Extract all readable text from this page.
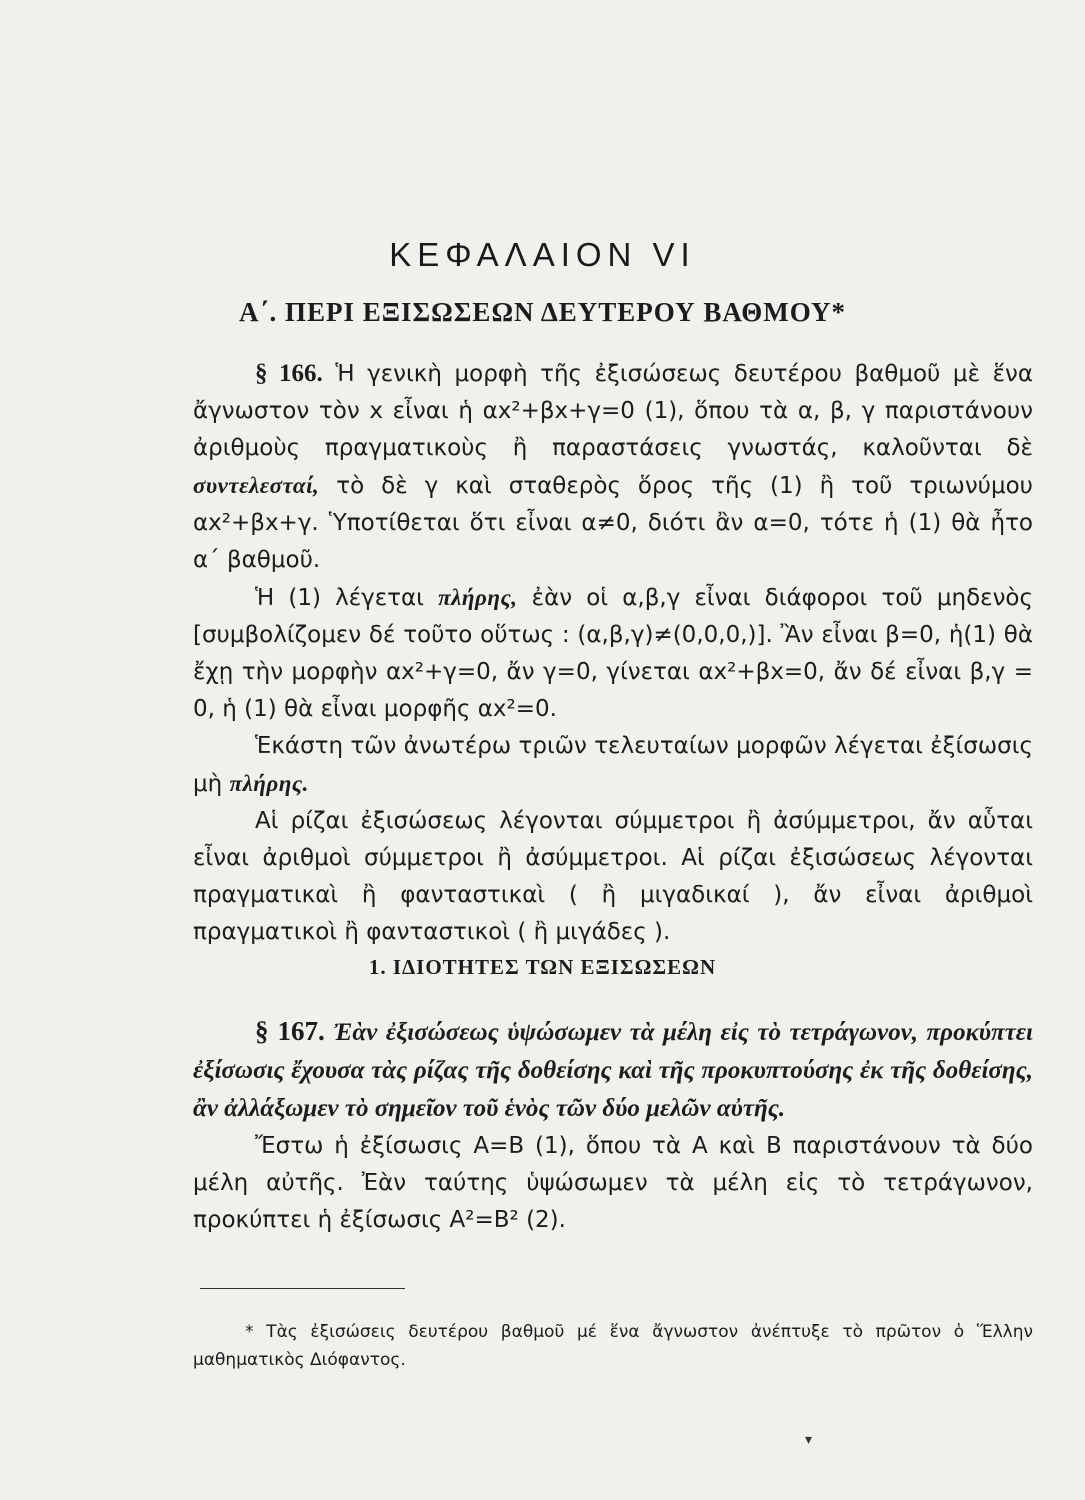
ΚΕΦΑΛΑΙΟΝ VI
Α΄. ΠΕΡΙ ΕΞΙΣΩΣΕΩΝ ΔΕΥΤΕΡΟΥ ΒΑΘΜΟΥ*

§ 166. Ἡ γενικὴ μορφὴ τῆς ἐξισώσεως δευτέρου βαθμοῦ μὲ ἕνα ἄγνωστον τὸν x εἶναι ἡ αx²+βx+γ=0 (1), ὅπου τὰ α, β, γ παριστάνουν ἀριθμοὺς πραγματικοὺς ἢ παραστάσεις γνωστάς, καλοῦνται δὲ συντελεσταί, τὸ δὲ γ καὶ σταθερὸς ὅρος τῆς (1) ἢ τοῦ τριωνύμου αx²+βx+γ. Ὑποτίθεται ὅτι εἶναι α≠0, διότι ἂν α=0, τότε ἡ (1) θὰ ἦτο α΄ βαθμοῦ.

Ἡ (1) λέγεται πλήρης, ἐὰν οἱ α,β,γ εἶναι διάφοροι τοῦ μηδενὸς [συμβολίζομεν δέ τοῦτο οὕτως : (α,β,γ)≠(0,0,0,)]. Ἂν εἶναι β=0, ἡ(1) θὰ ἔχῃ τὴν μορφὴν αx²+γ=0, ἄν γ=0, γίνεται αx²+βx=0, ἄν δέ εἶναι β,γ = 0, ἡ (1) θὰ εἶναι μορφῆς αx²=0.

Ἑκάστη τῶν ἀνωτέρω τριῶν τελευταίων μορφῶν λέγεται ἐξίσωσις μὴ πλήρης.

Αἱ ρίζαι ἐξισώσεως λέγονται σύμμετροι ἢ ἀσύμμετροι, ἄν αὗται εἶναι ἀριθμοὶ σύμμετροι ἢ ἀσύμμετροι. Αἱ ρίζαι ἐξισώσεως λέγονται πραγματικαὶ ἢ φανταστικαὶ ( ἢ μιγαδικαί ), ἄν εἶναι ἀριθμοὶ πραγματικοὶ ἢ φανταστικοὶ ( ἢ μιγάδες ).

1. ΙΔΙΟΤΗΤΕΣ ΤΩΝ ΕΞΙΣΩΣΕΩΝ

§ 167. Ἐὰν ἐξισώσεως ὑψώσωμεν τὰ μέλη εἰς τὸ τετράγωνον, προκύπτει ἐξίσωσις ἔχουσα τὰς ρίζας τῆς δοθείσης καὶ τῆς προκυπτούσης ἐκ τῆς δοθείσης, ἂν ἀλλάξωμεν τὸ σημεῖον τοῦ ἑνὸς τῶν δύο μελῶν αὐτῆς.

Ἔστω ἡ ἐξίσωσις Α=Β (1), ὅπου τὰ Α καὶ Β παριστάνουν τὰ δύο μέλη αὐτῆς. Ἐὰν ταύτης ὑψώσωμεν τὰ μέλη εἰς τὸ τετράγωνον, προκύπτει ἡ ἐξίσωσις Α²=Β² (2).

* Τὰς ἐξισώσεις δευτέρου βαθμοῦ μέ ἕνα ἄγνωστον ἀνέπτυξε τὸ πρῶτον ὁ Ἕλλην μαθηματικὸς Διόφαντος.

▾
